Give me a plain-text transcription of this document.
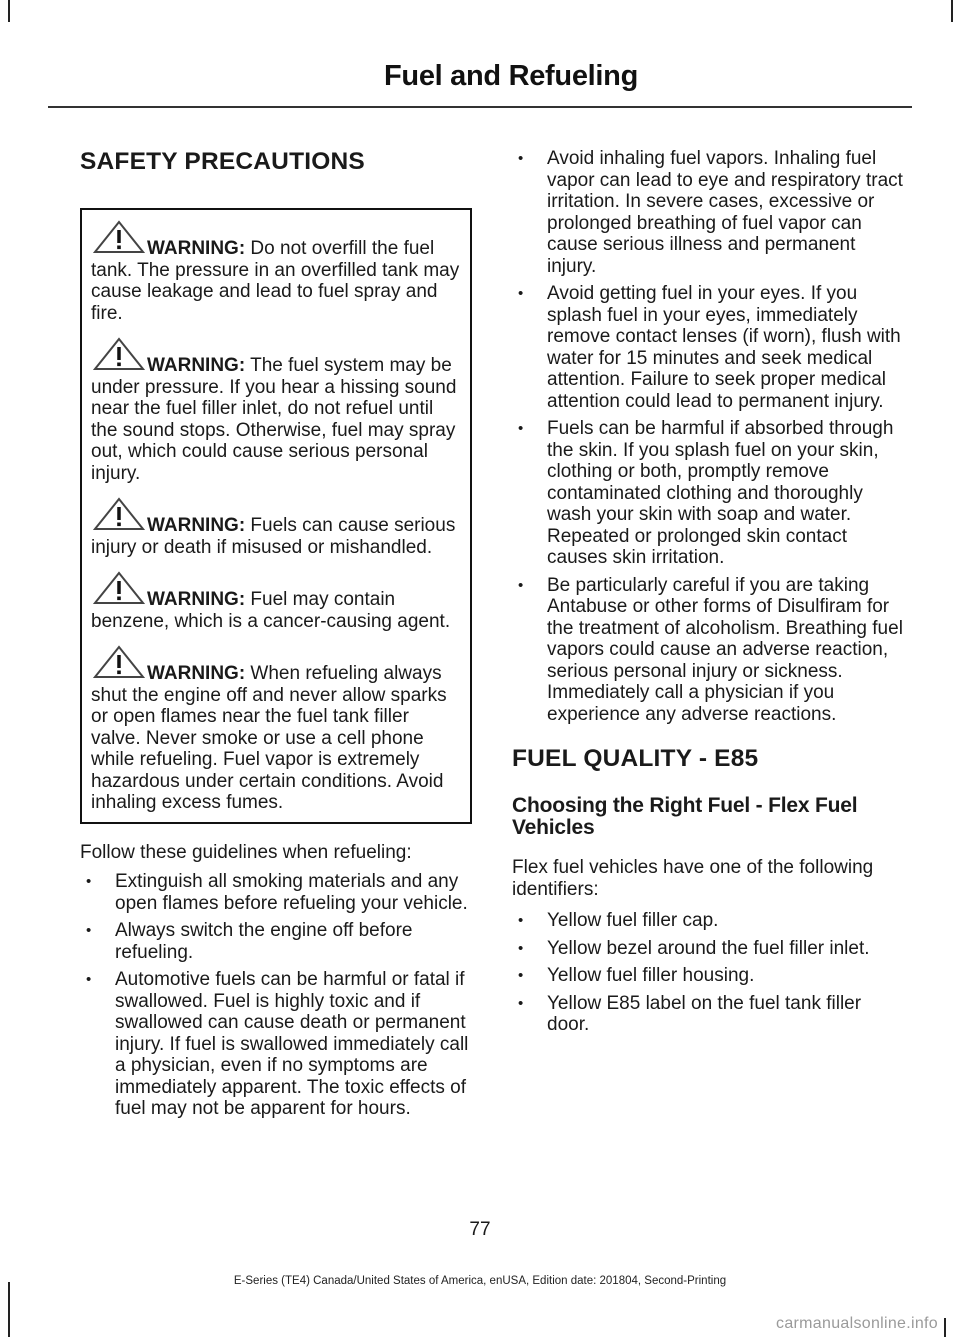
Fuel and Refueling
SAFETY PRECAUTIONS

WARNING: Do not overfill the fuel tank. The pressure in an overfilled tank may cause leakage and lead to fuel spray and fire.

WARNING: The fuel system may be under pressure. If you hear a hissing sound near the fuel filler inlet, do not refuel until the sound stops. Otherwise, fuel may spray out, which could cause serious personal injury.

WARNING: Fuels can cause serious injury or death if misused or mishandled.

WARNING: Fuel may contain benzene, which is a cancer-causing agent.

WARNING: When refueling always shut the engine off and never allow sparks or open flames near the fuel tank filler valve. Never smoke or use a cell phone while refueling. Fuel vapor is extremely hazardous under certain conditions. Avoid inhaling excess fumes.

Follow these guidelines when refueling:

• Extinguish all smoking materials and any open flames before refueling your vehicle.
• Always switch the engine off before refueling.
• Automotive fuels can be harmful or fatal if swallowed. Fuel is highly toxic and if swallowed can cause death or permanent injury. If fuel is swallowed immediately call a physician, even if no symptoms are immediately apparent. The toxic effects of fuel may not be apparent for hours.
• Avoid inhaling fuel vapors. Inhaling fuel vapor can lead to eye and respiratory tract irritation. In severe cases, excessive or prolonged breathing of fuel vapor can cause serious illness and permanent injury.
• Avoid getting fuel in your eyes. If you splash fuel in your eyes, immediately remove contact lenses (if worn), flush with water for 15 minutes and seek medical attention. Failure to seek proper medical attention could lead to permanent injury.
• Fuels can be harmful if absorbed through the skin. If you splash fuel on your skin, clothing or both, promptly remove contaminated clothing and thoroughly wash your skin with soap and water. Repeated or prolonged skin contact causes skin irritation.
• Be particularly careful if you are taking Antabuse or other forms of Disulfiram for the treatment of alcoholism. Breathing fuel vapors could cause an adverse reaction, serious personal injury or sickness. Immediately call a physician if you experience any adverse reactions.
FUEL QUALITY - E85
Choosing the Right Fuel - Flex Fuel Vehicles

Flex fuel vehicles have one of the following identifiers:

• Yellow fuel filler cap.
• Yellow bezel around the fuel filler inlet.
• Yellow fuel filler housing.
• Yellow E85 label on the fuel tank filler door.
77
E-Series (TE4) Canada/United States of America, enUSA, Edition date: 201804, Second-Printing
carmanualsonline.info
